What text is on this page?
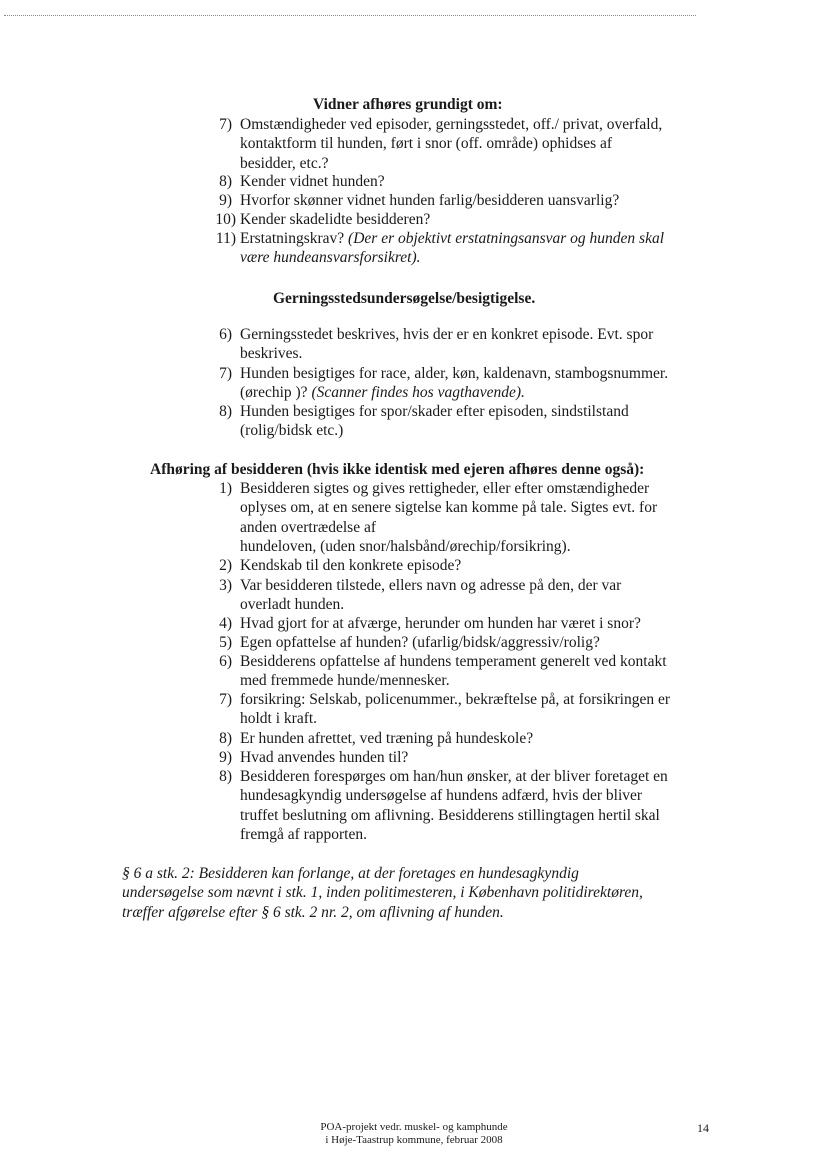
Vidner afhøres grundigt om:
7) Omstændigheder ved episoder, gerningsstedet, off./ privat, overfald,
kontaktform til hunden, ført i snor (off. område) ophidses af
besidder, etc.?
8) Kender vidnet hunden?
9) Hvorfor skønner vidnet hunden farlig/besidderen uansvarlig?
10) Kender skadelidte besidderen?
11) Erstatningskrav? (Der er objektivt erstatningsansvar og hunden skal
være hundeansvarsforsikret).
Gerningsstedsundersøgelse/besigtigelse.
6) Gerningsstedet beskrives, hvis der er en konkret episode. Evt. spor
beskrives.
7) Hunden besigtiges for race, alder, køn, kaldenavn, stambogsnummer.
(ørechip )? (Scanner findes hos vagthavende).
8) Hunden besigtiges for spor/skader efter episoden, sindstilstand
(rolig/bidsk etc.)
Afhøring af besidderen (hvis ikke identisk med ejeren afhøres denne også):
1) Besidderen sigtes og gives rettigheder, eller efter omstændigheder
oplyses om, at en senere sigtelse kan komme på tale. Sigtes evt. for
anden overtrædelse af
hundeloven, (uden snor/halsbånd/ørechip/forsikring).
2) Kendskab til den konkrete episode?
3) Var besidderen tilstede, ellers navn og adresse på den, der var
overladt hunden.
4) Hvad gjort for at afværge, herunder om hunden har været i snor?
5) Egen opfattelse af hunden? (ufarlig/bidsk/aggressiv/rolig?
6) Besidderens opfattelse af hundens temperament generelt ved kontakt
med fremmede hunde/mennesker.
7) forsikring: Selskab, policenummer., bekræftelse på, at forsikringen er
holdt i kraft.
8) Er hunden afrettet, ved træning på hundeskole?
9) Hvad anvendes hunden til?
8) Besidderen forespørges om han/hun ønsker, at der bliver foretaget en
hundesagkyndig undersøgelse af hundens adfærd, hvis der bliver
truffet beslutning om aflivning. Besidderens stillingtagen hertil skal
fremgå af rapporten.
§ 6 a stk. 2: Besidderen kan forlange, at der foretages en hundesagkyndig
undersøgelse som nævnt i stk. 1, inden politimesteren, i København politidirektøren,
træffer afgørelse efter § 6 stk. 2 nr. 2, om aflivning af hunden.
POA-projekt vedr. muskel- og kamphunde
i Høje-Taastrup kommune, februar 2008
14
